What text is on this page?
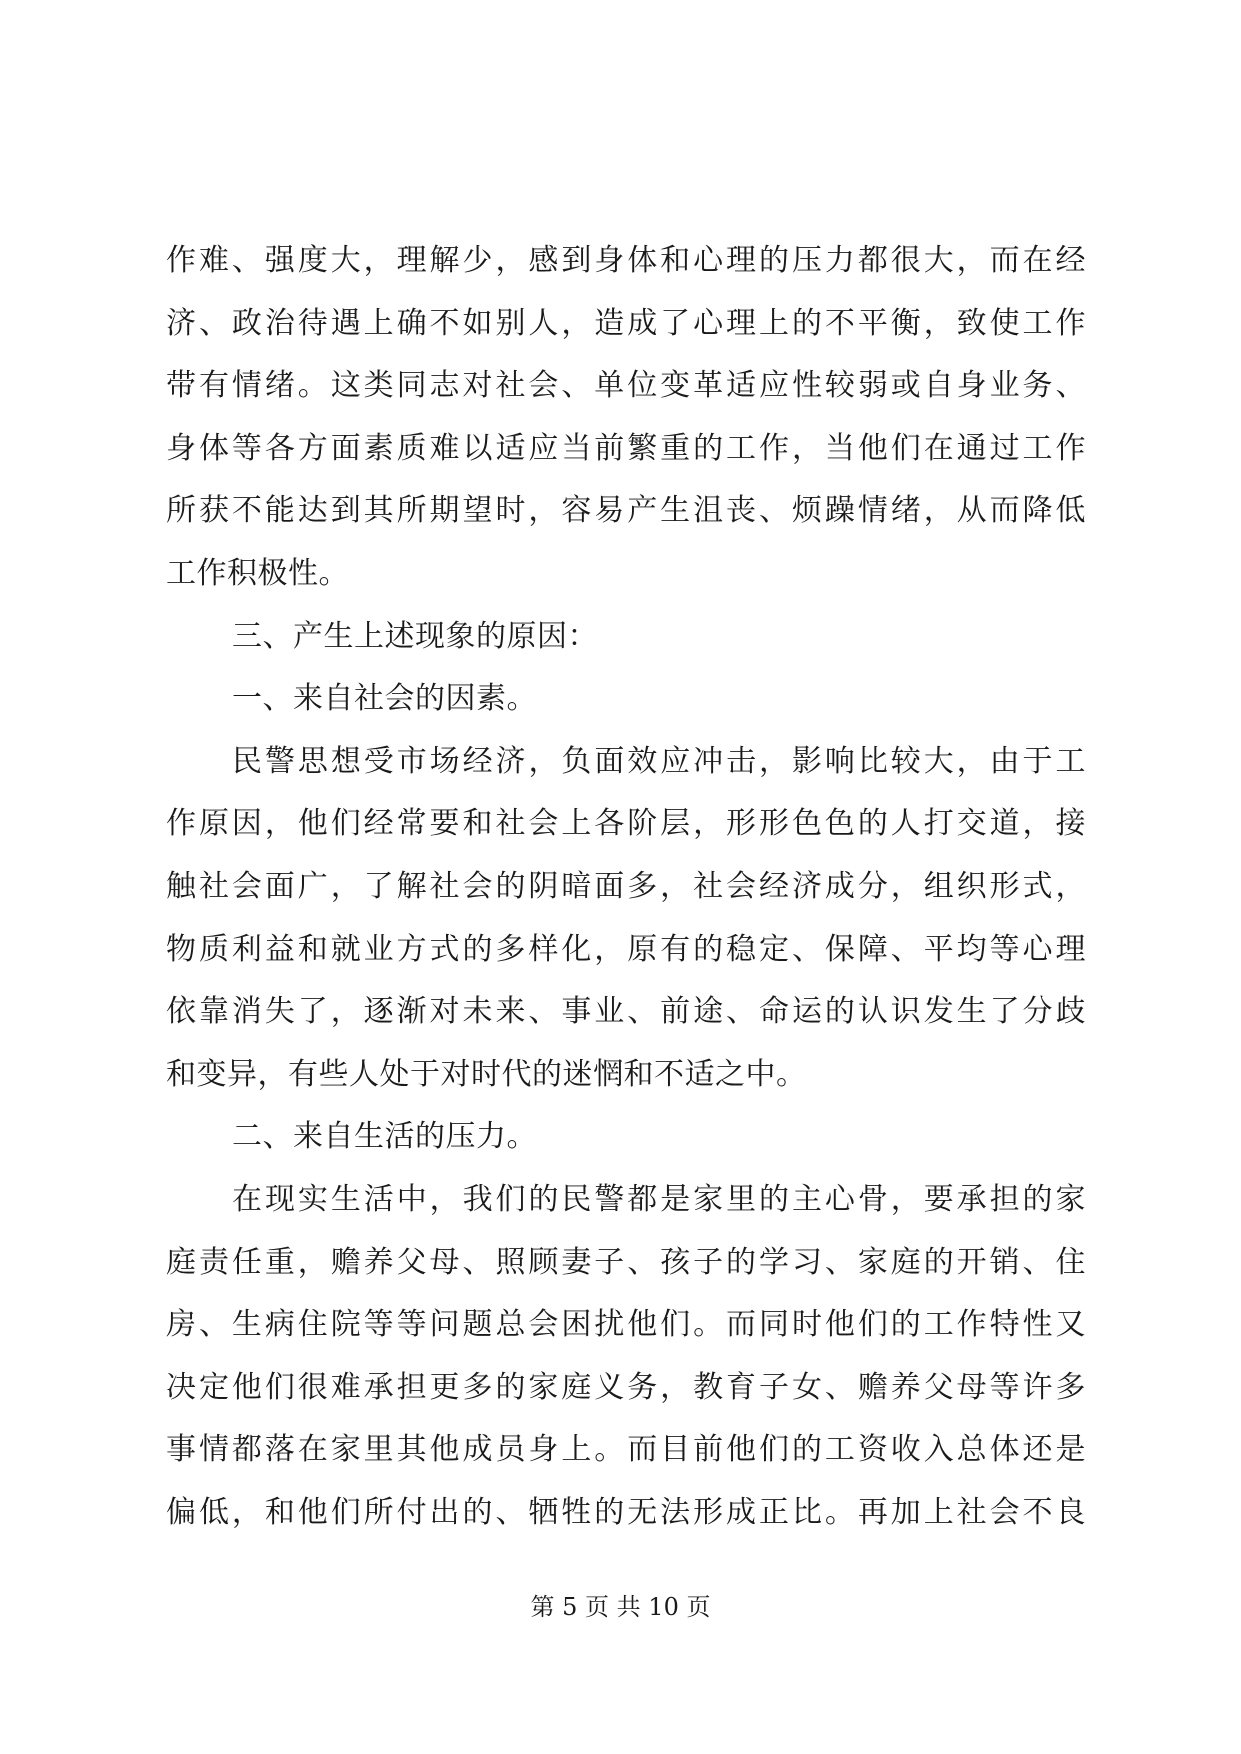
作难、强度大，理解少，感到身体和心理的压力都很大，而在经
济、政治待遇上确不如别人，造成了心理上的不平衡，致使工作
带有情绪。这类同志对社会、单位变革适应性较弱或自身业务、
身体等各方面素质难以适应当前繁重的工作，当他们在通过工作
所获不能达到其所期望时，容易产生沮丧、烦躁情绪，从而降低
工作积极性。
三、产生上述现象的原因：
一、来自社会的因素。
民警思想受市场经济，负面效应冲击，影响比较大，由于工
作原因，他们经常要和社会上各阶层，形形色色的人打交道，接
触社会面广，了解社会的阴暗面多，社会经济成分，组织形式，
物质利益和就业方式的多样化，原有的稳定、保障、平均等心理
依靠消失了，逐渐对未来、事业、前途、命运的认识发生了分歧
和变异，有些人处于对时代的迷惘和不适之中。
二、来自生活的压力。
在现实生活中，我们的民警都是家里的主心骨，要承担的家
庭责任重，赡养父母、照顾妻子、孩子的学习、家庭的开销、住
房、生病住院等等问题总会困扰他们。而同时他们的工作特性又
决定他们很难承担更多的家庭义务，教育子女、赡养父母等许多
事情都落在家里其他成员身上。而目前他们的工资收入总体还是
偏低，和他们所付出的、牺牲的无法形成正比。再加上社会不良
第 5 页 共 10 页
